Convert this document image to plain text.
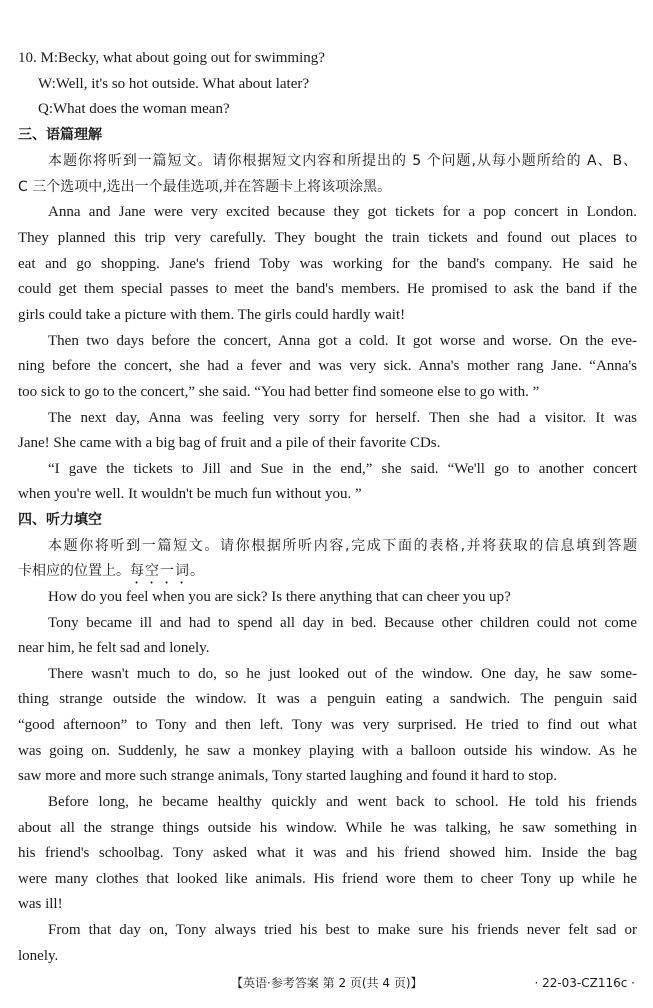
10. M:Becky, what about going out for swimming?
W:Well, it's so hot outside. What about later?
Q:What does the woman mean?
三、语篇理解
本题你将听到一篇短文。请你根据短文内容和所提出的 5 个问题,从每小题所给的 A、B、
C 三个选项中,选出一个最佳选项,并在答题卡上将该项涂黑。
Anna and Jane were very excited because they got tickets for a pop concert in London.
They planned this trip very carefully. They bought the train tickets and found out places to
eat and go shopping. Jane's friend Toby was working for the band's company. He said he
could get them special passes to meet the band's members. He promised to ask the band if the
girls could take a picture with them. The girls could hardly wait!
Then two days before the concert, Anna got a cold. It got worse and worse. On the eve-
ning before the concert, she had a fever and was very sick. Anna's mother rang Jane. “Anna's
too sick to go to the concert,” she said. “You had better find someone else to go with. ”
The next day, Anna was feeling very sorry for herself. Then she had a visitor. It was
Jane! She came with a big bag of fruit and a pile of their favorite CDs.
“I gave the tickets to Jill and Sue in the end,” she said. “We'll go to another concert
when you're well. It wouldn't be much fun without you. ”
四、听力填空
本题你将听到一篇短文。请你根据所听内容,完成下面的表格,并将获取的信息填到答题
卡相应的位置上。每空一词。
How do you feel when you are sick? Is there anything that can cheer you up?
Tony became ill and had to spend all day in bed. Because other children could not come
near him, he felt sad and lonely.
There wasn't much to do, so he just looked out of the window. One day, he saw some-
thing strange outside the window. It was a penguin eating a sandwich. The penguin said
“good afternoon” to Tony and then left. Tony was very surprised. He tried to find out what
was going on. Suddenly, he saw a monkey playing with a balloon outside his window. As he
saw more and more such strange animals, Tony started laughing and found it hard to stop.
Before long, he became healthy quickly and went back to school. He told his friends
about all the strange things outside his window. While he was talking, he saw something in
his friend's schoolbag. Tony asked what it was and his friend showed him. Inside the bag
were many clothes that looked like animals. His friend wore them to cheer Tony up while he
was ill!
From that day on, Tony always tried his best to make sure his friends never felt sad or
lonely.
【英语·参考答案 第 2 页(共 4 页)】	· 22-03-CZ116c ·
